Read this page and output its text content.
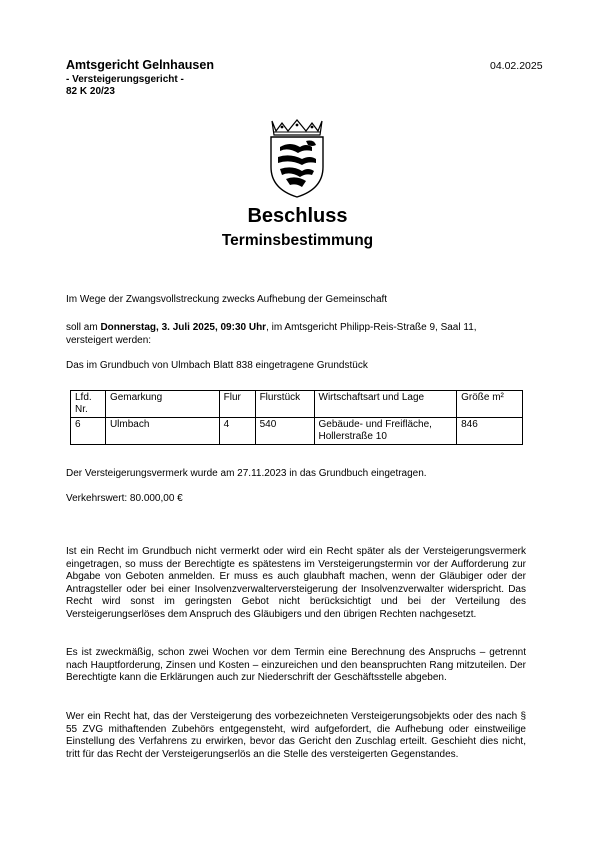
Amtsgericht Gelnhausen
- Versteigerungsgericht -
82 K 20/23
04.02.2025
Beschluss
Terminsbestimmung
Im Wege der Zwangsvollstreckung zwecks Aufhebung der Gemeinschaft
soll am Donnerstag, 3. Juli 2025, 09:30 Uhr, im Amtsgericht Philipp-Reis-Straße 9, Saal 11,
versteigert werden:
Das im Grundbuch von Ulmbach Blatt 838 eingetragene Grundstück
Lfd. Nr.	Gemarkung	Flur	Flurstück	Wirtschaftsart und Lage	Größe m²
6	Ulmbach	4	540	Gebäude- und Freifläche, Hollerstraße 10	846
Der Versteigerungsvermerk wurde am 27.11.2023 in das Grundbuch eingetragen.
Verkehrswert: 80.000,00 €
Ist ein Recht im Grundbuch nicht vermerkt oder wird ein Recht später als der Versteigerungsvermerk eingetragen, so muss der Berechtigte es spätestens im Versteigerungstermin vor der Aufforderung zur Abgabe von Geboten anmelden. Er muss es auch glaubhaft machen, wenn der Gläubiger oder der Antragsteller oder bei einer Insolvenzverwalterversteigerung der Insolvenzverwalter widerspricht. Das Recht wird sonst im geringsten Gebot nicht berücksichtigt und bei der Verteilung des Versteigerungserlöses dem Anspruch des Gläubigers und den übrigen Rechten nachgesetzt.
Es ist zweckmäßig, schon zwei Wochen vor dem Termin eine Berechnung des Anspruchs – getrennt nach Hauptforderung, Zinsen und Kosten – einzureichen und den beanspruchten Rang mitzuteilen. Der Berechtigte kann die Erklärungen auch zur Niederschrift der Geschäftsstelle abgeben.
Wer ein Recht hat, das der Versteigerung des vorbezeichneten Versteigerungsobjekts oder des nach § 55 ZVG mithaftenden Zubehörs entgegensteht, wird aufgefordert, die Aufhebung oder einstweilige Einstellung des Verfahrens zu erwirken, bevor das Gericht den Zuschlag erteilt. Geschieht dies nicht, tritt für das Recht der Versteigerungserlös an die Stelle des versteigerten Gegenstandes.
